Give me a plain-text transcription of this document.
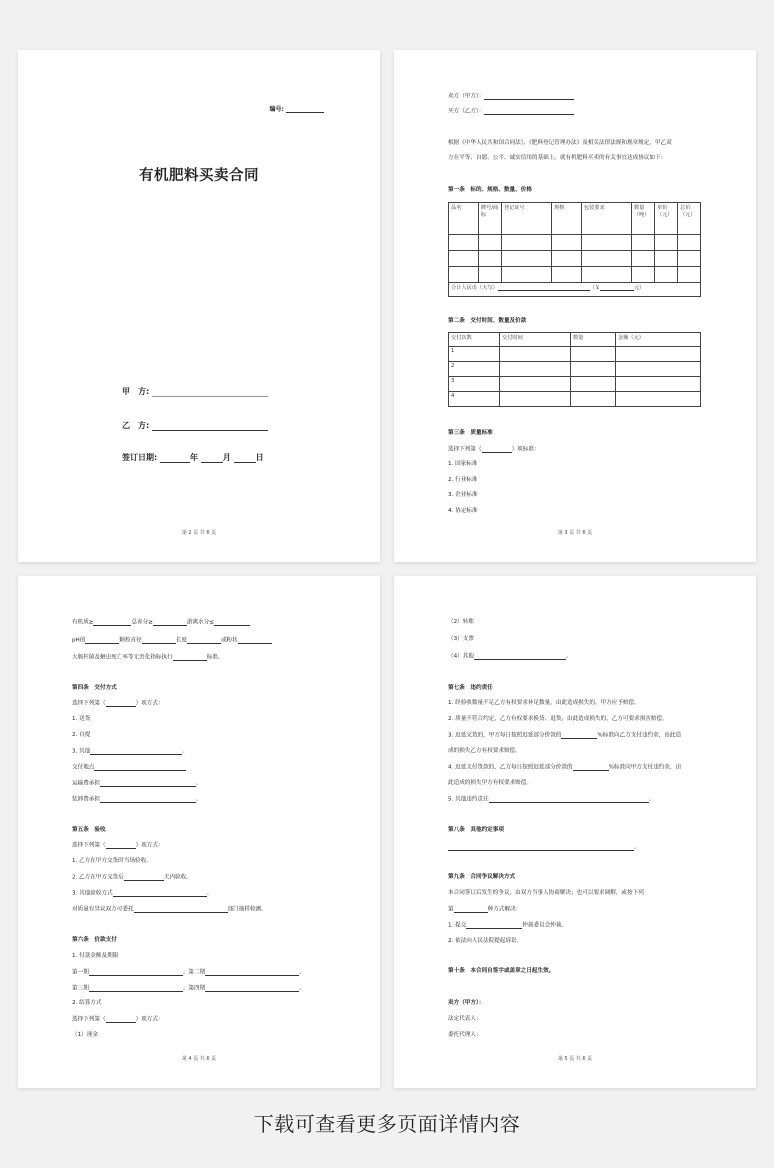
编号:
有机肥料买卖合同
甲　方:
乙　方:
签订日期:	年	月	日
第 2 页 共 6 页
卖方（甲方）：
买方（乙方）：
根据《中华人民共和国合同法》，《肥料登记管理办法》及相关法律法规和规章规定，甲乙双
方在平等、自愿、公平、诚实信用的基础上，就有机肥料买卖的有关事宜达成协议如下：
第一条　标的、规格、数量、价格
品名	牌号/商标	登记证号	规格	包装要求	数量（吨）	单价（元）	总价（元）

合计人民币（大写） （￥ 元）							
第二条　交付时间、数量及价款
交付次数	交付时间	数量	金额（元）
1			
2			
3			
4			
第三条　质量标准
选择下列第（	）项标准：
1. 国家标准
2. 行业标准
3. 企业标准
4. 协定标准
第 3 页 共 6 页
有机质≥	总养分≥	游离水分≤
pH值	颗粒直径	长度	或粉状
大肠杆菌及蛔虫死亡率等无害化指标执行	标准。
第四条　交付方式
选择下列第（	）项方式：
1. 送货
2. 自提
3. 其他	。
交付地点
运输费承担	。
装卸费承担	。
第五条　验收
选择下列第（	）项方式：
1. 乙方在甲方交货时当场验收。
2. 乙方在甲方交货后	天内验收。
3. 其他验收方式	。
对质量有异议双方可委托	部门抽样检测。
第六条　价款支付
1. 付款金额及期限
第一期	；第二期	，
第三期	；第四期	。
2. 结算方式
选择下列第（	）项方式：
（1）现金
第 4 页 共 6 页
（2）转账
（3）支票
（4）其他	。
第七条　违约责任
1. 经验收数量不足乙方有权要求补足数量，由此造成损失的，甲方应予赔偿。
2. 质量不符合约定，乙方有权要求换货、退货，由此造成损失的，乙方可要求损害赔偿。
3. 迟延交货的，甲方每日按照迟延部分价款的	%标准向乙方支付违约金，由此造
成的损失乙方有权要求赔偿。
4. 迟延支付货款的，乙方每日按照迟延部分价款的	%标准向甲方支付违约金，由
此造成的损失甲方有权要求赔偿。
5. 其他违约责任	。
第八条　其他约定事项
。
第九条　合同争议解决方式
本合同签订后发生的争议，由双方当事人协商解决；也可以要求调解，或按下列
第	种方式解决：
1. 提交	仲裁委员会仲裁。
2. 依法向人民法院提起诉讼。
第十条　本合同自签字或盖章之日起生效。
卖方（甲方）：
法定代表人：
委托代理人：
第 5 页 共 6 页
下载可查看更多页面详情内容
